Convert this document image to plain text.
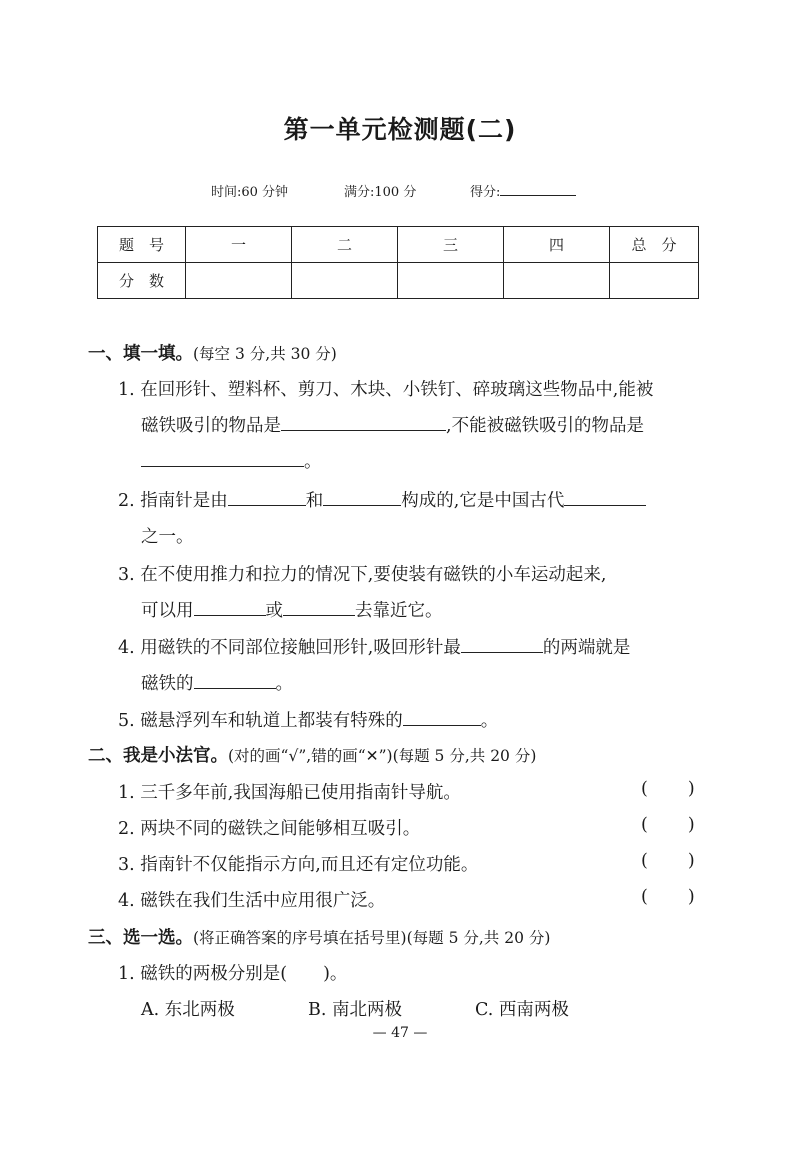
第一单元检测题(二)
时间:60 分钟	满分:100 分	得分:
题　号	一	二	三	四	总　分
分　数					
一、填一填。(每空 3 分,共 30 分)
1. 在回形针、塑料杯、剪刀、木块、小铁钉、碎玻璃这些物品中,能被
磁铁吸引的物品是	,不能被磁铁吸引的物品是
。
2. 指南针是由	和	构成的,它是中国古代
之一。
3. 在不使用推力和拉力的情况下,要使装有磁铁的小车运动起来,
可以用	或	去靠近它。
4. 用磁铁的不同部位接触回形针,吸回形针最	的两端就是
磁铁的	。
5. 磁悬浮列车和轨道上都装有特殊的	。
二、我是小法官。(对的画“√”,错的画“✕”)(每题 5 分,共 20 分)
1. 三千多年前,我国海船已使用指南针导航。	( )
2. 两块不同的磁铁之间能够相互吸引。	( )
3. 指南针不仅能指示方向,而且还有定位功能。	( )
4. 磁铁在我们生活中应用很广泛。	( )
三、选一选。(将正确答案的序号填在括号里)(每题 5 分,共 20 分)
1. 磁铁的两极分别是( )。
A. 东北两极	B. 南北两极	C. 西南两极
— 47 —
